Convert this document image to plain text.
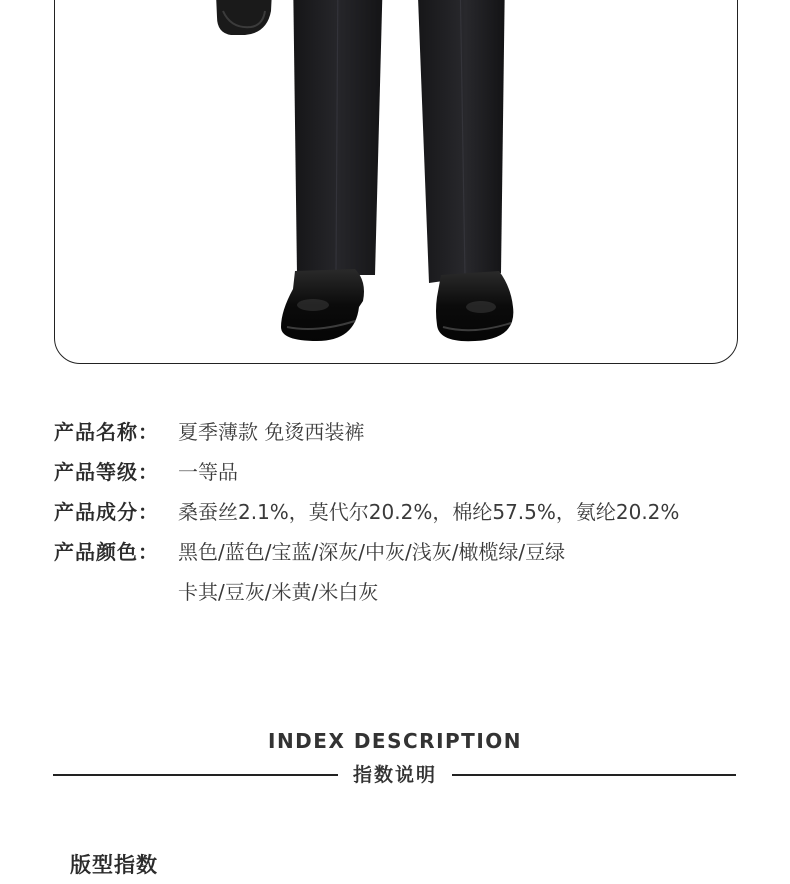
产品名称： 夏季薄款 免烫西装裤
产品等级： 一等品
产品成分： 桑蚕丝2.1%，莫代尔20.2%，棉纶57.5%，氨纶20.2%
产品颜色： 黑色/蓝色/宝蓝/深灰/中灰/浅灰/橄榄绿/豆绿
卡其/豆灰/米黄/米白灰
INDEX DESCRIPTION
指数说明
版型指数
